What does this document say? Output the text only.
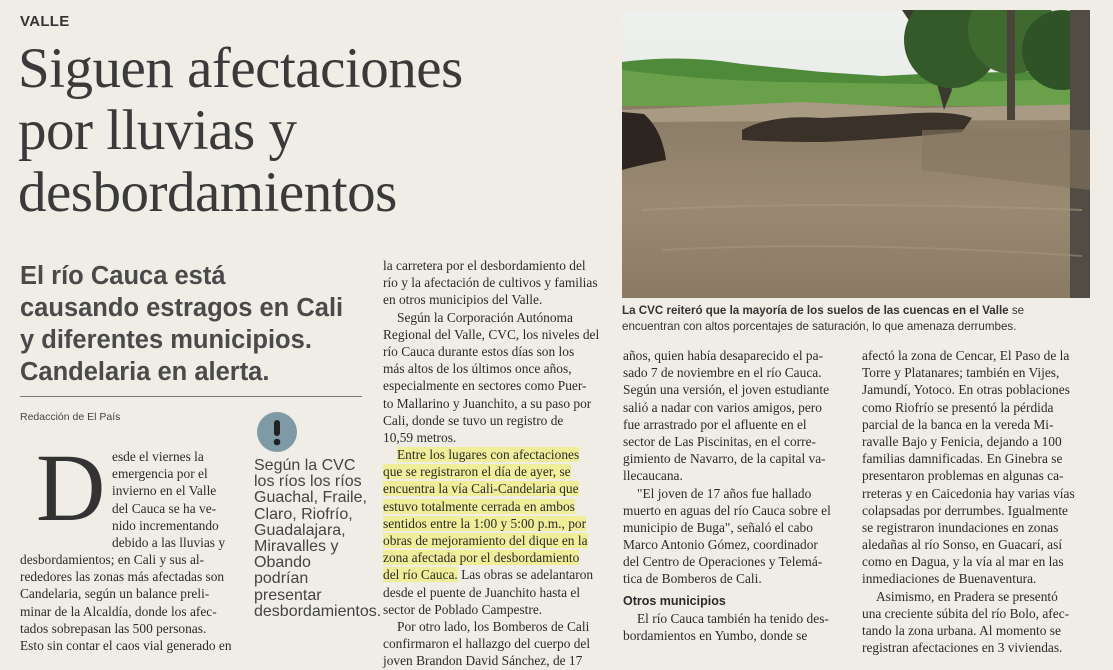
VALLE
Siguen afectaciones
por lluvias y
desbordamientos
El río Cauca está
causando estragos en Cali
y diferentes municipios.
Candelaria en alerta.
Redacción de El País
D esde el viernes la
emergencia por el
invierno en el Valle
del Cauca se ha ve-
nido incrementando
debido a las lluvias y
desbordamientos; en Cali y sus al-
rededores las zonas más afectadas son
Candelaria, según un balance preli-
minar de la Alcaldía, donde los afec-
tados sobrepasan las 500 personas.
Esto sin contar el caos vial generado en
Según la CVC
los ríos los ríos
Guachal, Fraile,
Claro, Riofrío,
Guadalajara,
Miravalles y
Obando
podrían
presentar
desbordamientos.
la carretera por el desbordamiento del
río y la afectación de cultivos y familias
en otros municipios del Valle.
Según la Corporación Autónoma
Regional del Valle, CVC, los niveles del
río Cauca durante estos días son los
más altos de los últimos once años,
especialmente en sectores como Puer-
to Mallarino y Juanchito, a su paso por
Cali, donde se tuvo un registro de
10,59 metros.
Entre los lugares con afectaciones
que se registraron el día de ayer, se
encuentra la vía Cali-Candelaria que
estuvo totalmente cerrada en ambos
sentidos entre la 1:00 y 5:00 p.m., por
obras de mejoramiento del dique en la
zona afectada por el desbordamiento
del río Cauca. Las obras se adelantaron
desde el puente de Juanchito hasta el
sector de Poblado Campestre.
Por otro lado, los Bomberos de Cali
confirmaron el hallazgo del cuerpo del
joven Brandon David Sánchez, de 17
La CVC reiteró que la mayoría de los suelos de las cuencas en el Valle se
encuentran con altos porcentajes de saturación, lo que amenaza derrumbes.
años, quien había desaparecido el pa-
sado 7 de noviembre en el río Cauca.
Según una versión, el joven estudiante
salió a nadar con varios amigos, pero
fue arrastrado por el afluente en el
sector de Las Piscinitas, en el corre-
gimiento de Navarro, de la capital va-
llecaucana.
"El joven de 17 años fue hallado
muerto en aguas del río Cauca sobre el
municipio de Buga", señaló el cabo
Marco Antonio Gómez, coordinador
del Centro de Operaciones y Telemá-
tica de Bomberos de Cali.
Otros municipios
El río Cauca también ha tenido des-
bordamientos en Yumbo, donde se
afectó la zona de Cencar, El Paso de la
Torre y Platanares; también en Vijes,
Jamundí, Yotoco. En otras poblaciones
como Riofrío se presentó la pérdida
parcial de la banca en la vereda Mi-
ravalle Bajo y Fenicia, dejando a 100
familias damnificadas. En Ginebra se
presentaron problemas en algunas ca-
rreteras y en Caicedonia hay varias vías
colapsadas por derrumbes. Igualmente
se registraron inundaciones en zonas
aledañas al río Sonso, en Guacarí, así
como en Dagua, y la vía al mar en las
inmediaciones de Buenaventura.
Asimismo, en Pradera se presentó
una creciente súbita del río Bolo, afec-
tando la zona urbana. Al momento se
registran afectaciones en 3 viviendas.
